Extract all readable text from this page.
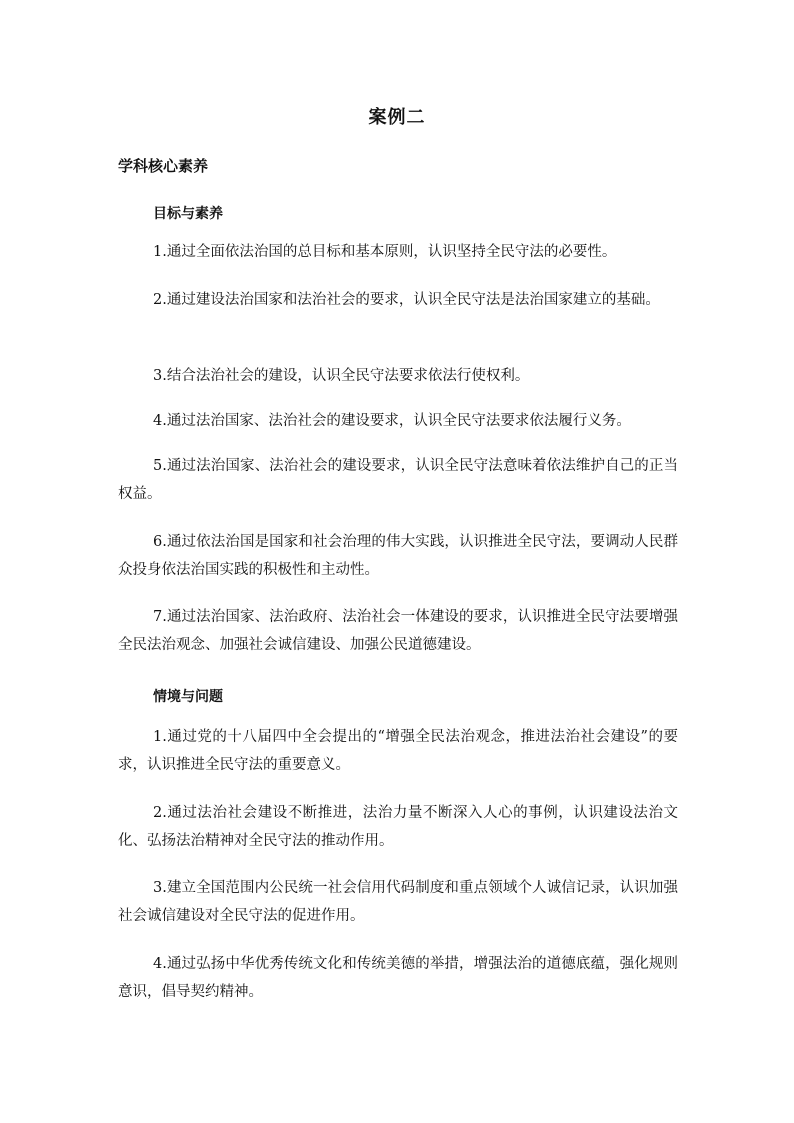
案例二
学科核心素养
目标与素养

1.通过全面依法治国的总目标和基本原则，认识坚持全民守法的必要性。

2.通过建设法治国家和法治社会的要求，认识全民守法是法治国家建立的基础。

3.结合法治社会的建设，认识全民守法要求依法行使权利。

4.通过法治国家、法治社会的建设要求，认识全民守法要求依法履行义务。

5.通过法治国家、法治社会的建设要求，认识全民守法意味着依法维护自己的正当权益。

6.通过依法治国是国家和社会治理的伟大实践，认识推进全民守法，要调动人民群众投身依法治国实践的积极性和主动性。

7.通过法治国家、法治政府、法治社会一体建设的要求，认识推进全民守法要增强全民法治观念、加强社会诚信建设、加强公民道德建设。

情境与问题

1.通过党的十八届四中全会提出的“增强全民法治观念，推进法治社会建设”的要求，认识推进全民守法的重要意义。

2.通过法治社会建设不断推进，法治力量不断深入人心的事例，认识建设法治文化、弘扬法治精神对全民守法的推动作用。

3.建立全国范围内公民统一社会信用代码制度和重点领域个人诚信记录，认识加强社会诚信建设对全民守法的促进作用。

4.通过弘扬中华优秀传统文化和传统美德的举措，增强法治的道德底蕴，强化规则意识，倡导契约精神。
